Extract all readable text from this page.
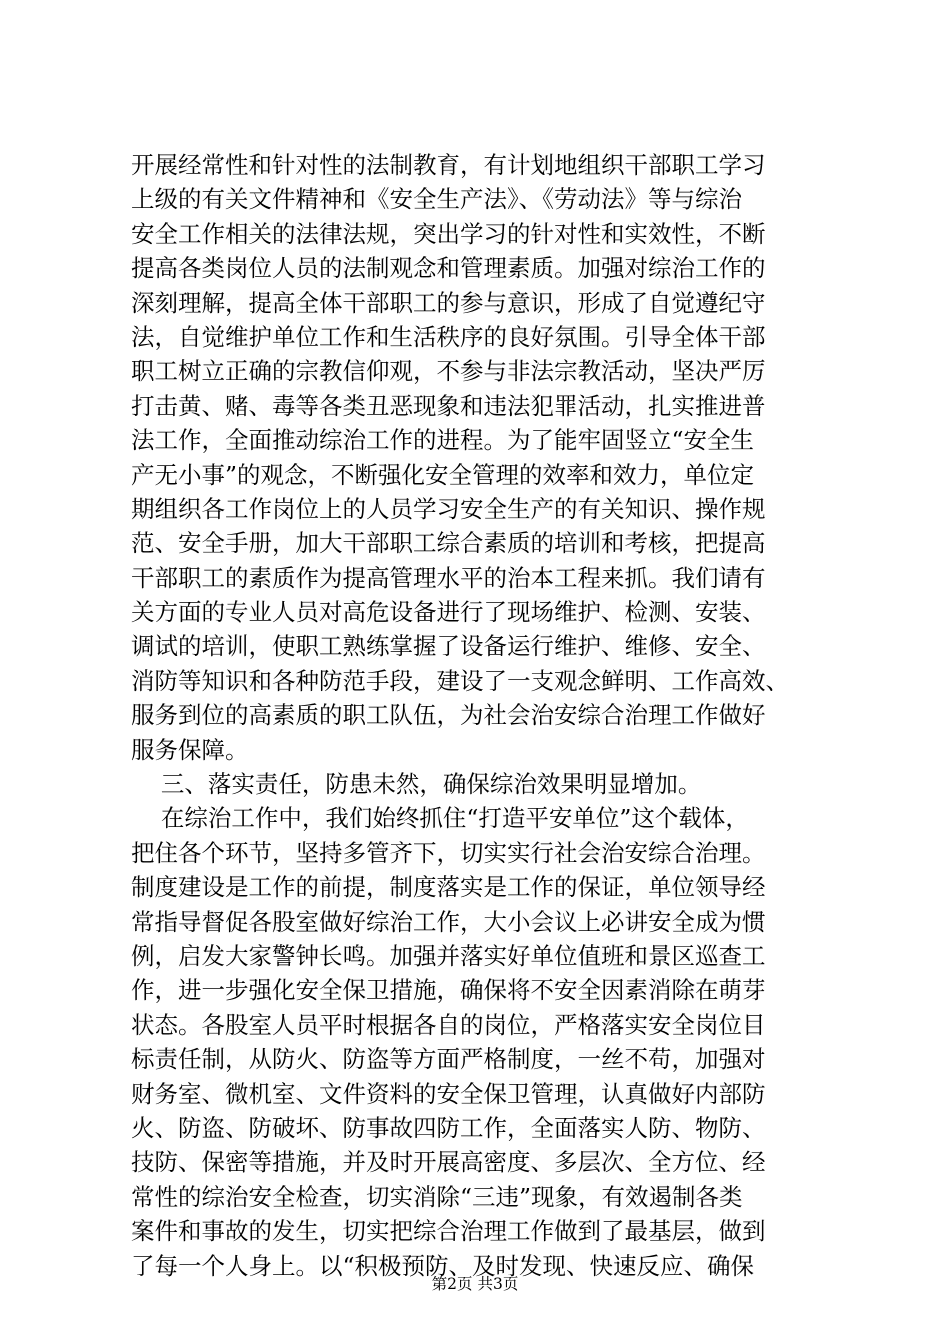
开展经常性和针对性的法制教育，有计划地组织干部职工学习
上级的有关文件精神和《安全生产法》、《劳动法》等与综治
安全工作相关的法律法规，突出学习的针对性和实效性，不断
提高各类岗位人员的法制观念和管理素质。加强对综治工作的
深刻理解，提高全体干部职工的参与意识，形成了自觉遵纪守
法，自觉维护单位工作和生活秩序的良好氛围。引导全体干部
职工树立正确的宗教信仰观，不参与非法宗教活动，坚决严厉
打击黄、赌、毒等各类丑恶现象和违法犯罪活动，扎实推进普
法工作，全面推动综治工作的进程。为了能牢固竖立“安全生
产无小事”的观念，不断强化安全管理的效率和效力，单位定
期组织各工作岗位上的人员学习安全生产的有关知识、操作规
范、安全手册，加大干部职工综合素质的培训和考核，把提高
干部职工的素质作为提高管理水平的治本工程来抓。我们请有
关方面的专业人员对高危设备进行了现场维护、检测、安装、
调试的培训，使职工熟练掌握了设备运行维护、维修、安全、
消防等知识和各种防范手段，建设了一支观念鲜明、工作高效、
服务到位的高素质的职工队伍，为社会治安综合治理工作做好
服务保障。
三、落实责任，防患未然，确保综治效果明显增加。
在综治工作中，我们始终抓住“打造平安单位”这个载体，
把住各个环节，坚持多管齐下，切实实行社会治安综合治理。
制度建设是工作的前提，制度落实是工作的保证，单位领导经
常指导督促各股室做好综治工作，大小会议上必讲安全成为惯
例，启发大家警钟长鸣。加强并落实好单位值班和景区巡查工
作，进一步强化安全保卫措施，确保将不安全因素消除在萌芽
状态。各股室人员平时根据各自的岗位，严格落实安全岗位目
标责任制，从防火、防盗等方面严格制度，一丝不苟，加强对
财务室、微机室、文件资料的安全保卫管理，认真做好内部防
火、防盗、防破坏、防事故四防工作，全面落实人防、物防、
技防、保密等措施，并及时开展高密度、多层次、全方位、经
常性的综治安全检查，切实消除“三违”现象，有效遏制各类
案件和事故的发生，切实把综合治理工作做到了最基层，做到
了每一个人身上。以“积极预防、及时发现、快速反应、确保
第2页 共3页
